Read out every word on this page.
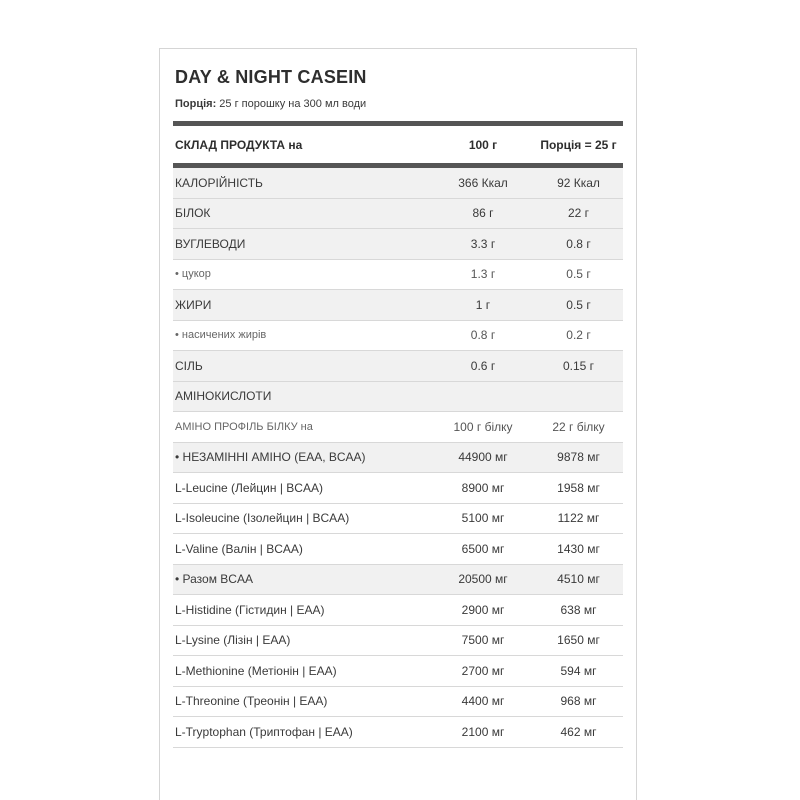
DAY & NIGHT CASEIN
Порція: 25 г порошку на 300 мл води
СКЛАД ПРОДУКТА на	100 г	Порція = 25 г
КАЛОРІЙНІСТЬ	366 Ккал	92 Ккал
БІЛОК	86 г	22 г
ВУГЛЕВОДИ	3.3 г	0.8 г
• цукор	1.3 г	0.5 г
ЖИРИ	1 г	0.5 г
• насичених жирів	0.8 г	0.2 г
СІЛЬ	0.6 г	0.15 г
АМІНОКИСЛОТИ
АМІНО ПРОФІЛЬ БІЛКУ на	100 г білку	22 г білку
• НЕЗАМІННІ АМІНО (EAA, BCAA)	44900 мг	9878 мг
L-Leucine (Лейцин | BCAA)	8900 мг	1958 мг
L-Isoleucine (Ізолейцин | BCAA)	5100 мг	1122 мг
L-Valine (Валін | BCAA)	6500 мг	1430 мг
• Разом BCAA	20500 мг	4510 мг
L-Histidine (Гістидин | EAA)	2900 мг	638 мг
L-Lysine (Лізін | EAA)	7500 мг	1650 мг
L-Methionine (Метіонін | EAA)	2700 мг	594 мг
L-Threonine (Треонін | EAA)	4400 мг	968 мг
L-Tryptophan (Триптофан | EAA)	2100 мг	462 мг
